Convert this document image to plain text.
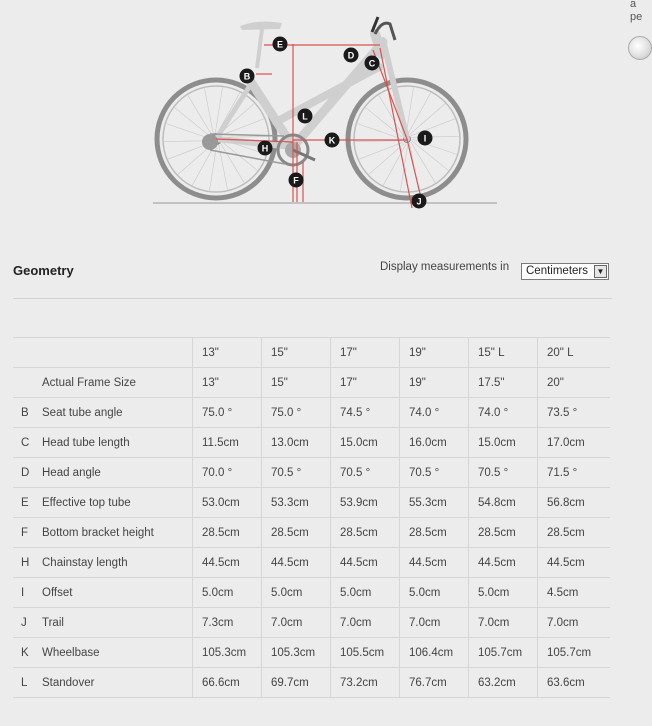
a
pe
E
D
C
B
L
K
H
I
F
J
Geometry	Display measurements in Centimeters	▼
		13"	15"	17"	19"	15" L	20" L
	Actual Frame Size	13"	15"	17"	19"	17.5"	20"
B	Seat tube angle	75.0 °	75.0 °	74.5 °	74.0 °	74.0 °	73.5 °
C	Head tube length	11.5cm	13.0cm	15.0cm	16.0cm	15.0cm	17.0cm
D	Head angle	70.0 °	70.5 °	70.5 °	70.5 °	70.5 °	71.5 °
E	Effective top tube	53.0cm	53.3cm	53.9cm	55.3cm	54.8cm	56.8cm
F	Bottom bracket height	28.5cm	28.5cm	28.5cm	28.5cm	28.5cm	28.5cm
H	Chainstay length	44.5cm	44.5cm	44.5cm	44.5cm	44.5cm	44.5cm
I	Offset	5.0cm	5.0cm	5.0cm	5.0cm	5.0cm	4.5cm
J	Trail	7.3cm	7.0cm	7.0cm	7.0cm	7.0cm	7.0cm
K	Wheelbase	105.3cm	105.3cm	105.5cm	106.4cm	105.7cm	105.7cm
L	Standover	66.6cm	69.7cm	73.2cm	76.7cm	63.2cm	63.6cm
